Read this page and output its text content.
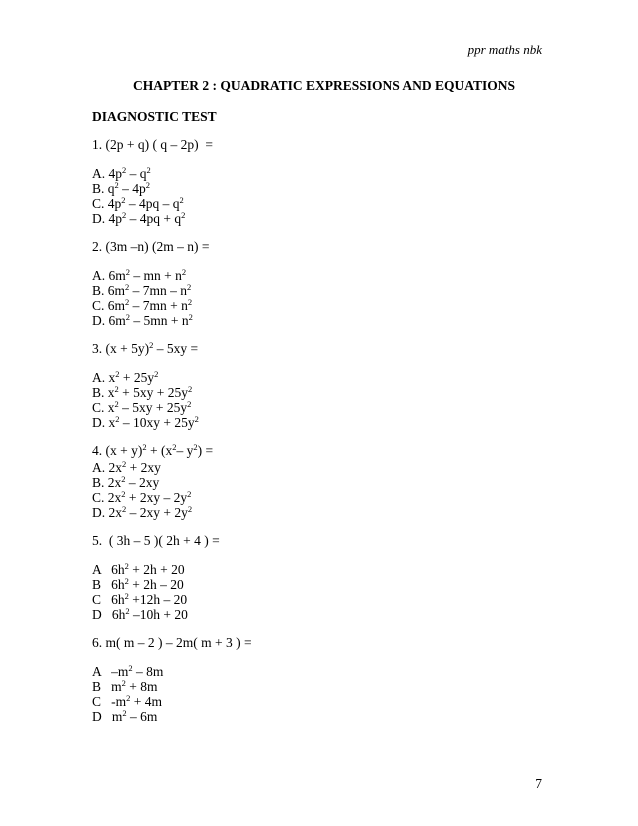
ppr maths nbk
CHAPTER 2 : QUADRATIC EXPRESSIONS AND EQUATIONS
DIAGNOSTIC TEST
1. (2p + q) ( q – 2p)  =
A. $4p^2 - q^2$
B. $q^2 - 4p^2$
C. $4p^2 - 4pq - q^2$
D. $4p^2 - 4pq + q^2$
2. (3m –n) (2m – n) =
A. $6m^2$ – mn + $n^2$
B. $6m^2 - 7mn - n^2$
C. $6m^2 - 7mn + n^2$
D. $6m^2 - 5mn + n^2$
3. $(x + 5y)^2 - 5xy$ =
A. $x^2 + 25y^2$
B. $x^2 + 5xy + 25y^2$
C. $x^2 - 5xy + 25y^2$
D. $x^2 - 10xy + 25y^2$
4. $(x + y)^2 + (x^2-$ $y^2$) =
A. $2x^2 + 2xy$
B. $2x^2 - 2xy$
C. $2x^2 + 2xy - 2y^2$
D. $2x^2 - 2xy + 2y^2$
5.  ( 3h – 5 )( 2h + 4 ) =
A   $6h^2 + 2h + 20$
B   $6h^2 + 2h - 20$
C   $6h^2 +12h - 20$
D   $6h^2$ –10h + 20
6. m( m – 2 ) – 2m( m + 3 ) =
A   $-m^2 - 8m$
B   $m^2 + 8m$
C   $-m^2 + 4m$
D   $m^2 - 6m$
7
